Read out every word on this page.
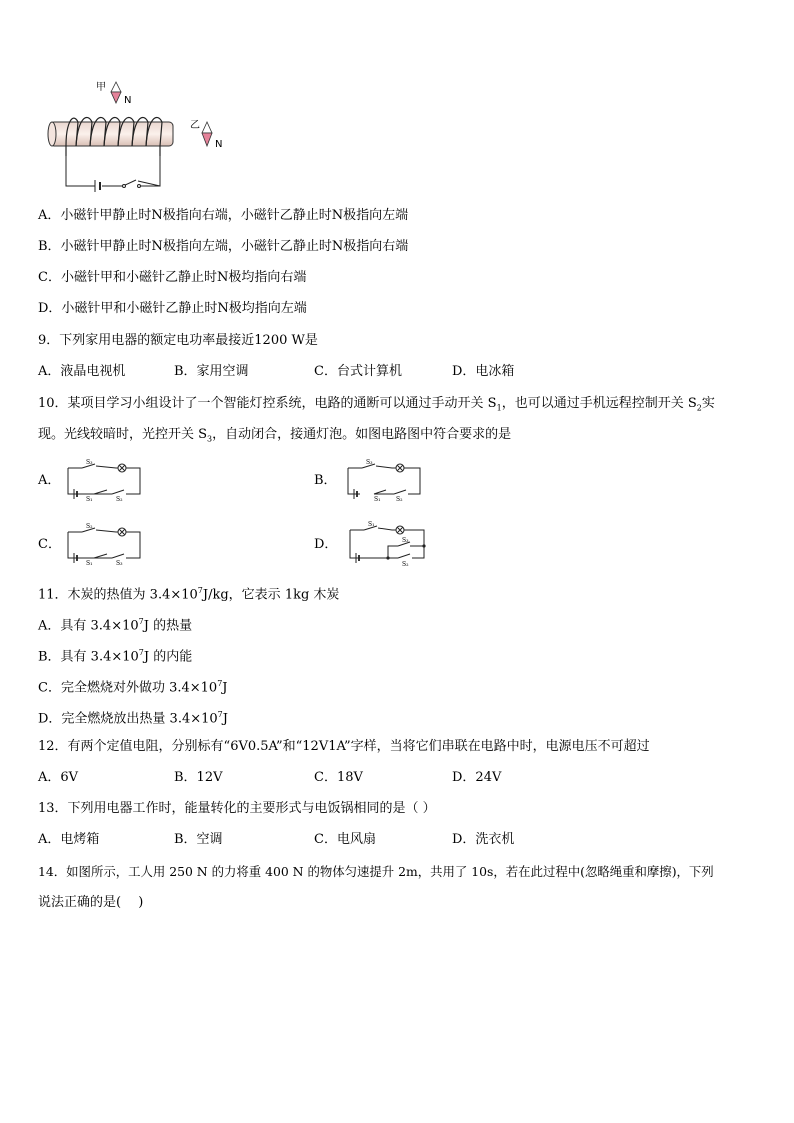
甲
N
乙
N
A．小磁针甲静止时N极指向右端，小磁针乙静止时N极指向左端
B．小磁针甲静止时N极指向左端，小磁针乙静止时N极指向右端
C．小磁针甲和小磁针乙静止时N极均指向右端
D．小磁针甲和小磁针乙静止时N极均指向左端
9．下列家用电器的额定电功率最接近1200 W是
A．液晶电视机	B．家用空调	C．台式计算机	D．电冰箱
10．某项目学习小组设计了一个智能灯控系统，电路的通断可以通过手动开关 $S_1$，也可以通过手机远程控制开关 $S_2$实
现。光线较暗时，光控开关 $S_3$，自动闭合，接通灯泡。如图电路图中符合要求的是
A．	B．
C．	D．
S₃
S₁	S₂
S₃
S₁	S₂
S₂
S₁	S₃
S₁
S₃
S₂
11．木炭的热值为 $3.4\times 10^7J/kg$，它表示 1kg 木炭
A．具有 $3.4\times 10^7J$ 的热量
B．具有 $3.4\times 10^7J$ 的内能
C．完全燃烧对外做功 $3.4\times 10^7J$
D．完全燃烧放出热量 $3.4\times 10^7J$
12．有两个定值电阻，分别标有“6V0.5A”和“12V1A”字样，当将它们串联在电路中时，电源电压不可超过
A．6V	B．12V	C．18V	D．24V
13．下列用电器工作时，能量转化的主要形式与电饭锅相同的是（ ）
A．电烤箱	B．空调	C．电风扇	D．洗衣机
14．如图所示，工人用 250 N 的力将重 400 N 的物体匀速提升 2m，共用了 10s，若在此过程中(忽略绳重和摩擦)，下列
说法正确的是(　 )
